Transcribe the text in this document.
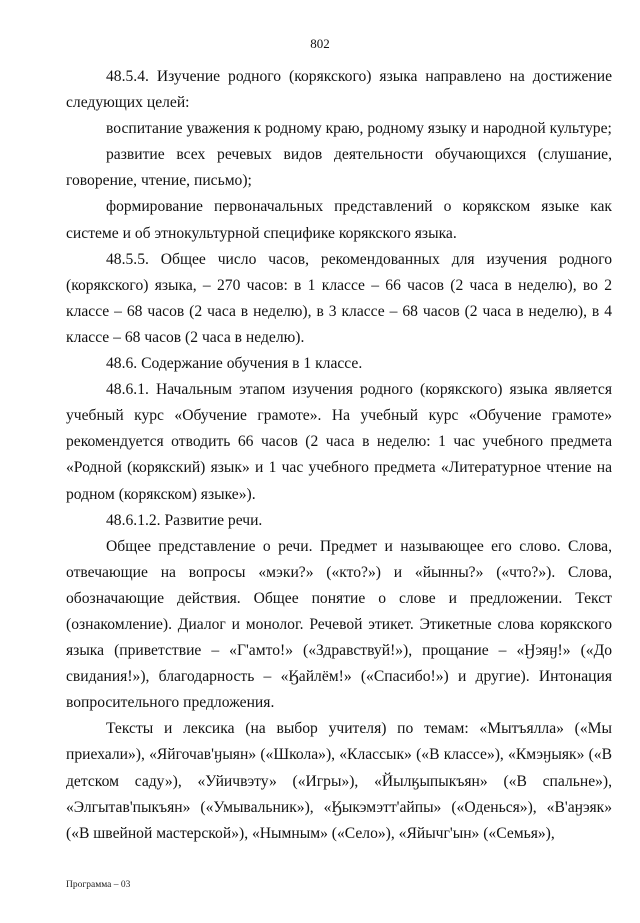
802

48.5.4. Изучение родного (корякского) языка направлено на достижение следующих целей:

воспитание уважения к родному краю, родному языку и народной культуре;

развитие всех речевых видов деятельности обучающихся (слушание, говорение, чтение, письмо);

формирование первоначальных представлений о корякском языке как системе и об этнокультурной специфике корякского языка.

48.5.5. Общее число часов, рекомендованных для изучения родного (корякского) языка, – 270 часов: в 1 классе – 66 часов (2 часа в неделю), во 2 классе – 68 часов (2 часа в неделю), в 3 классе – 68 часов (2 часа в неделю), в 4 классе – 68 часов (2 часа в неделю).

48.6. Содержание обучения в 1 классе.

48.6.1. Начальным этапом изучения родного (корякского) языка является учебный курс «Обучение грамоте». На учебный курс «Обучение грамоте» рекомендуется отводить 66 часов (2 часа в неделю: 1 час учебного предмета «Родной (корякский) язык» и 1 час учебного предмета «Литературное чтение на родном (корякском) языке»).

48.6.1.2. Развитие речи.

Общее представление о речи. Предмет и называющее его слово. Слова, отвечающие на вопросы «мэки?» («кто?») и «йынны?» («что?»). Слова, обозначающие действия. Общее понятие о слове и предложении. Текст (ознакомление). Диалог и монолог. Речевой этикет. Этикетные слова корякского языка (приветствие – «Г'амто!» («Здравствуй!»), прощание – «Ӈэяӈ!» («До свидания!»), благодарность – «Ӄайлём!» («Спасибо!») и другие). Интонация вопросительного предложения.

Тексты и лексика (на выбор учителя) по темам: «Мытъялла» («Мы приехали»), «Яйгочав'ӈыян» («Школа»), «Классык» («В классе»), «Кмэӈыяк» («В детском саду»), «Уйичвэту» («Игры»), «Йылӄыпыкъян» («В спальне»), «Элгытав'пыкъян» («Умывальник»), «Ӄыкэмэтт'айпы» («Оденься»), «В'аӈэяк» («В швейной мастерской»), «Нымным» («Село»), «Яйычг'ын» («Семья»),

Программа – 03
